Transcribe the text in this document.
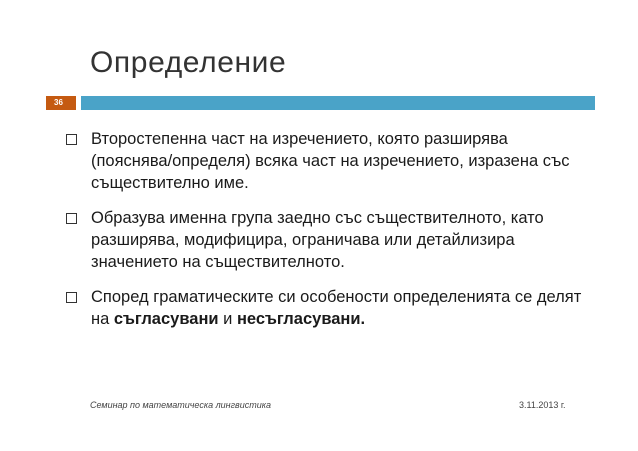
Определение
36
Второстепенна част на изречението, която разширява (пояснява/определя) всяка част на изречението, изразена със съществително име.
Образува именна група заедно със съществителното, като разширява, модифицира, ограничава или детайлизира значението на съществителното.
Според граматическите си особености определенията се делят на съгласувани и несъгласувани.
Семинар по математическа лингвистика	3.11.2013 г.
